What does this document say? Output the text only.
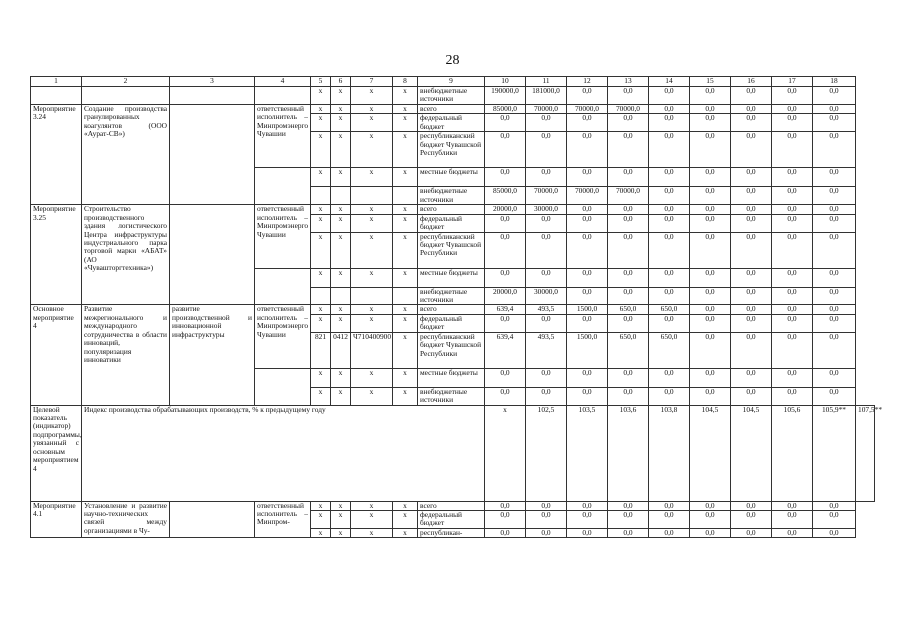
28
1	2	3	4	5	6	7	8	9	10	11	12	13	14	15	16	17	18	
				x	x	x	x	внебюджетные источники	190000,0	181000,0	0,0	0,0	0,0	0,0	0,0	0,0	0,0	
Мероприятие 3.24	Создание производства гранулированных коагулянтов (ООО «Аурат-СВ»)		ответственный исполнитель – Минпромэнерго Чувашии	x	x	x	x	всего	85000,0	70000,0	70000,0	70000,0	0,0	0,0	0,0	0,0	0,0	
				x	x	x	x	федеральный бюджет	0,0	0,0	0,0	0,0	0,0	0,0	0,0	0,0	0,0	
				x	x	x	x	республиканский бюджет Чувашской Республики	0,0	0,0	0,0	0,0	0,0	0,0	0,0	0,0	0,0	
				x	x	x	x	местные бюджеты	0,0	0,0	0,0	0,0	0,0	0,0	0,0	0,0	0,0	
								внебюджетные источники	85000,0	70000,0	70000,0	70000,0	0,0	0,0	0,0	0,0	0,0	
Мероприятие 3.25	Строительство производственного здания логистического Центра инфраструктуры индустриального парка торговой марки «АБАТ» (АО «Чувашторгтехника»)		ответственный исполнитель – Минпромэнерго Чувашии	x	x	x	x	всего	20000,0	30000,0	0,0	0,0	0,0	0,0	0,0	0,0	0,0	
				x	x	x	x	федеральный бюджет	0,0	0,0	0,0	0,0	0,0	0,0	0,0	0,0	0,0	
				x	x	x	x	республиканский бюджет Чувашской Республики	0,0	0,0	0,0	0,0	0,0	0,0	0,0	0,0	0,0	
				x	x	x	x	местные бюджеты	0,0	0,0	0,0	0,0	0,0	0,0	0,0	0,0	0,0	
								внебюджетные источники	20000,0	30000,0	0,0	0,0	0,0	0,0	0,0	0,0	0,0	
Основное мероприятие 4	Развитие межрегионального и международного сотрудничества в области инноваций, популяризация инноватики	развитие производственной и инновационной инфраструктуры	ответственный исполнитель – Минпромэнерго Чувашии	x	x	x	x	всего	639,4	493,5	1500,0	650,0	650,0	0,0	0,0	0,0	0,0	
				x	x	x	x	федеральный бюджет	0,0	0,0	0,0	0,0	0,0	0,0	0,0	0,0	0,0	
				821	0412	Ч710400900	x	республиканский бюджет Чувашской Республики	639,4	493,5	1500,0	650,0	650,0	0,0	0,0	0,0	0,0	
				x	x	x	x	местные бюджеты	0,0	0,0	0,0	0,0	0,0	0,0	0,0	0,0	0,0	
				x	x	x	x	внебюджетные источники	0,0	0,0	0,0	0,0	0,0	0,0	0,0	0,0	0,0	
Целевой показатель (индикатор) подпрограммы, увязанный с основным мероприятием 4	Индекс производства обрабатывающих производств, % к предыдущему году								х	102,5	103,5	103,6	103,8	104,5	104,5	105,6	105,9**	107,5**
Мероприятие 4.1	Установление и развитие научно-технических связей между организациями в Чу-		ответственный исполнитель – Минпром-	x	x	x	x	всего	0,0	0,0	0,0	0,0	0,0	0,0	0,0	0,0	0,0	
				x	x	x	x	федеральный бюджет	0,0	0,0	0,0	0,0	0,0	0,0	0,0	0,0	0,0	
				x	x	x	x	республикан-	0,0	0,0	0,0	0,0	0,0	0,0	0,0	0,0	0,0	
